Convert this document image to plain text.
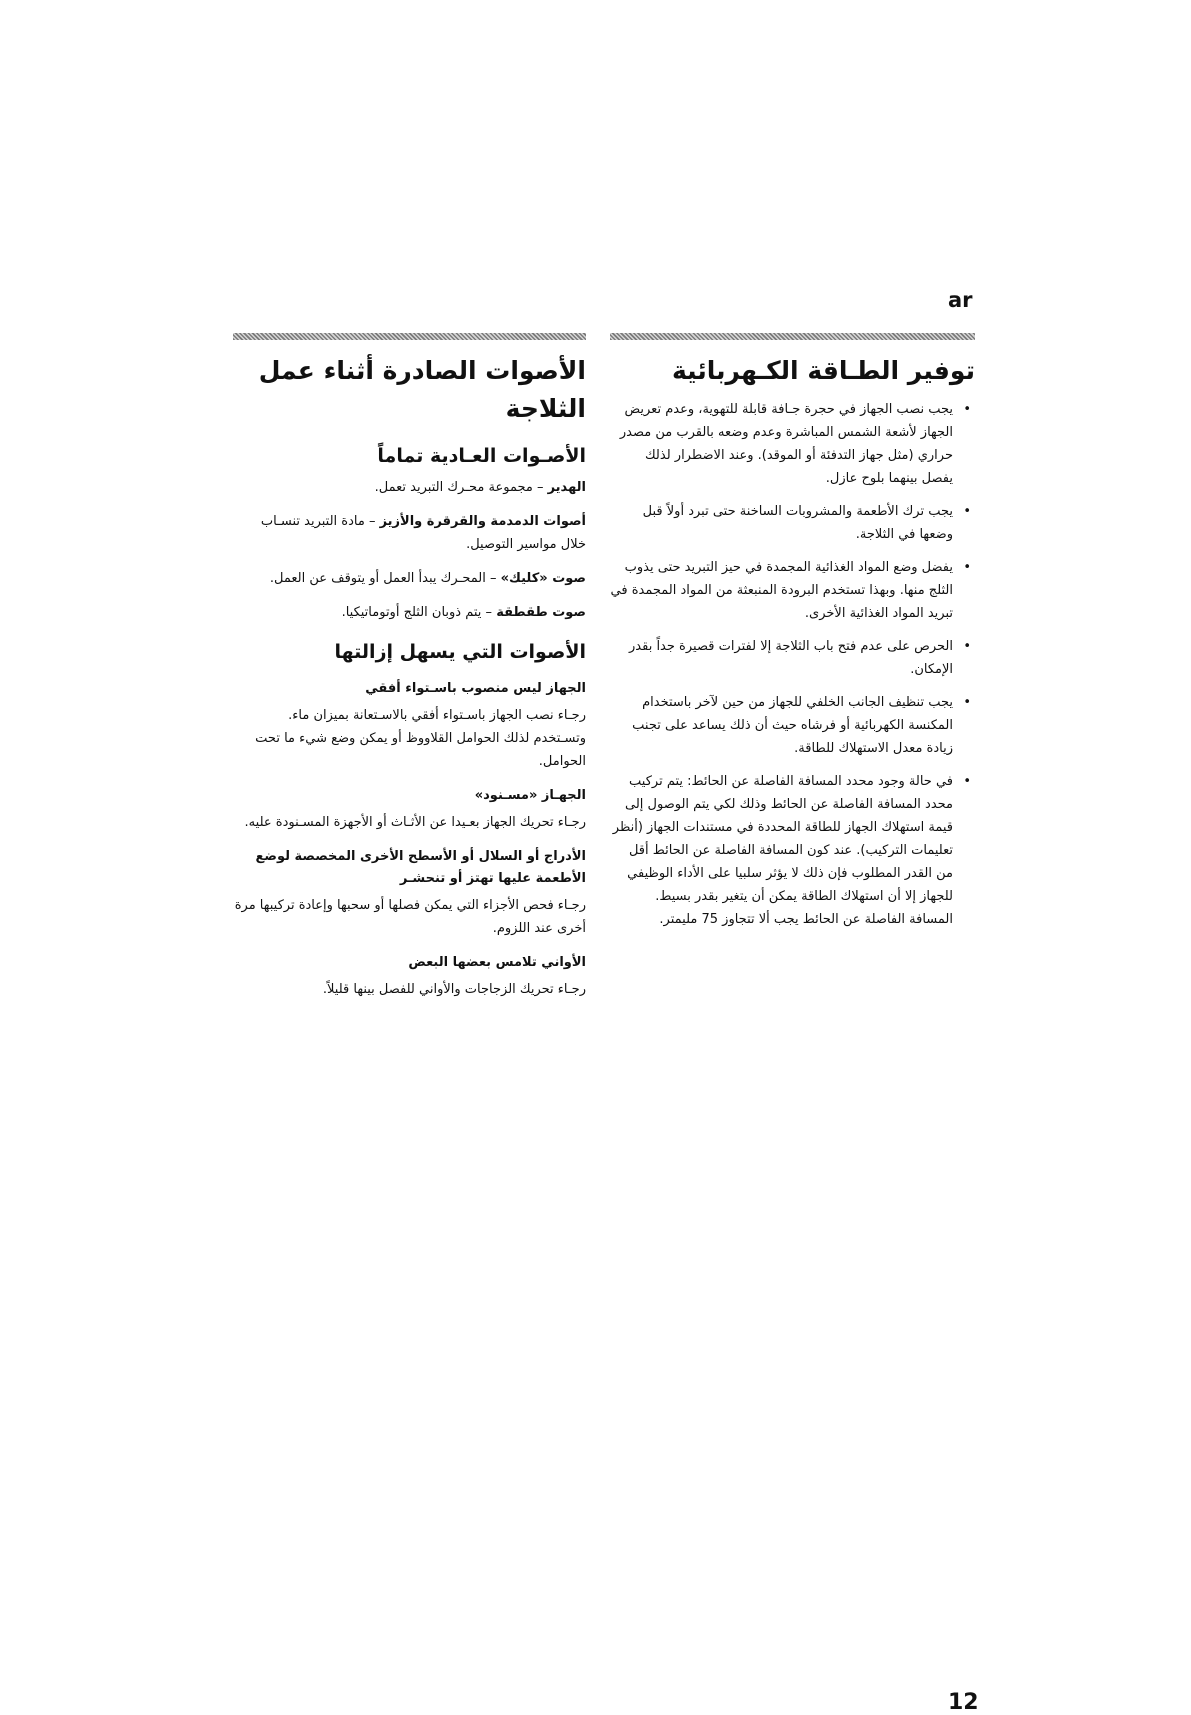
ar
توفير الطـاقة الكـهربائية
•
يجب نصب الجهاز في حجرة جـافة قابلة للتهوية، وعدم تعريض الجهاز لأشعة الشمس المباشرة وعدم وضعه بالقرب من مصدر حراري (مثل جهاز التدفئة أو الموقد). وعند الاضطرار لذلك يفصل بينهما بلوح عازل.
•
يجب ترك الأطعمة والمشروبات الساخنة حتى تبرد أولاً قبل وضعها في الثلاجة.
•
يفضل وضع المواد الغذائية المجمدة في حيز التبريد حتى يذوب الثلج منها. وبهذا تستخدم البرودة المنبعثة من المواد المجمدة في تبريد المواد الغذائية الأخرى.
•
الحرص على عدم فتح باب الثلاجة إلا لفترات قصيرة جداً بقدر الإمكان.
•
يجب تنظيف الجانب الخلفي للجهاز من حين لآخر باستخدام المكنسة الكهربائية أو فرشاه حيث أن ذلك يساعد على تجنب زيادة معدل الاستهلاك للطاقة.
•
في حالة وجود محدد المسافة الفاصلة عن الحائط: يتم تركيب محدد المسافة الفاصلة عن الحائط وذلك لكي يتم الوصول إلى قيمة استهلاك الجهاز للطاقة المحددة في مستندات الجهاز (أنظر تعليمات التركيب). عند كون المسافة الفاصلة عن الحائط أقل من القدر المطلوب فإن ذلك لا يؤثر سلبيا على الأداء الوظيفي للجهاز إلا أن استهلاك الطاقة يمكن أن يتغير بقدر بسيط. المسافة الفاصلة عن الحائط يجب ألا تتجاوز 75 مليمتر.
الأصوات الصادرة أثناء عمل الثلاجة
الأصـوات العـادية تماماً

الهدير – مجموعة محـرك التبريد تعمل.

أصوات الدمدمة والقرقرة والأزيز – مادة التبريد تنسـاب خلال مواسير التوصيل.

صوت «كليك» – المحـرك يبدأ العمل أو يتوقف عن العمل.

صوت طقطقة – يتم ذوبان الثلج أوتوماتيكيا.

الأصوات التي يسهل إزالتها
الجهاز ليس منصوب باسـتواء أفقي

رجـاء نصب الجهاز باسـتواء أفقي بالاسـتعانة بميزان ماء. وتسـتخدم لذلك الحوامل القلاووظ أو يمكن وضع شيء ما تحت الحوامل.

الجهـاز «مسـنود»

رجـاء تحريك الجهاز بعـيدا عن الأثـاث أو الأجهزة المسـنودة عليه.

الأدراج أو السلال أو الأسطح الأخرى المخصصة لوضع الأطعمة عليها تهتز أو تنحشـر

رجـاء فحص الأجزاء التي يمكن فصلها أو سحبها وإعادة تركيبها مرة أخرى عند اللزوم.

الأواني تلامس بعضها البعض

رجـاء تحريك الزجاجات والأواني للفصل بينها قليلاً.

12
